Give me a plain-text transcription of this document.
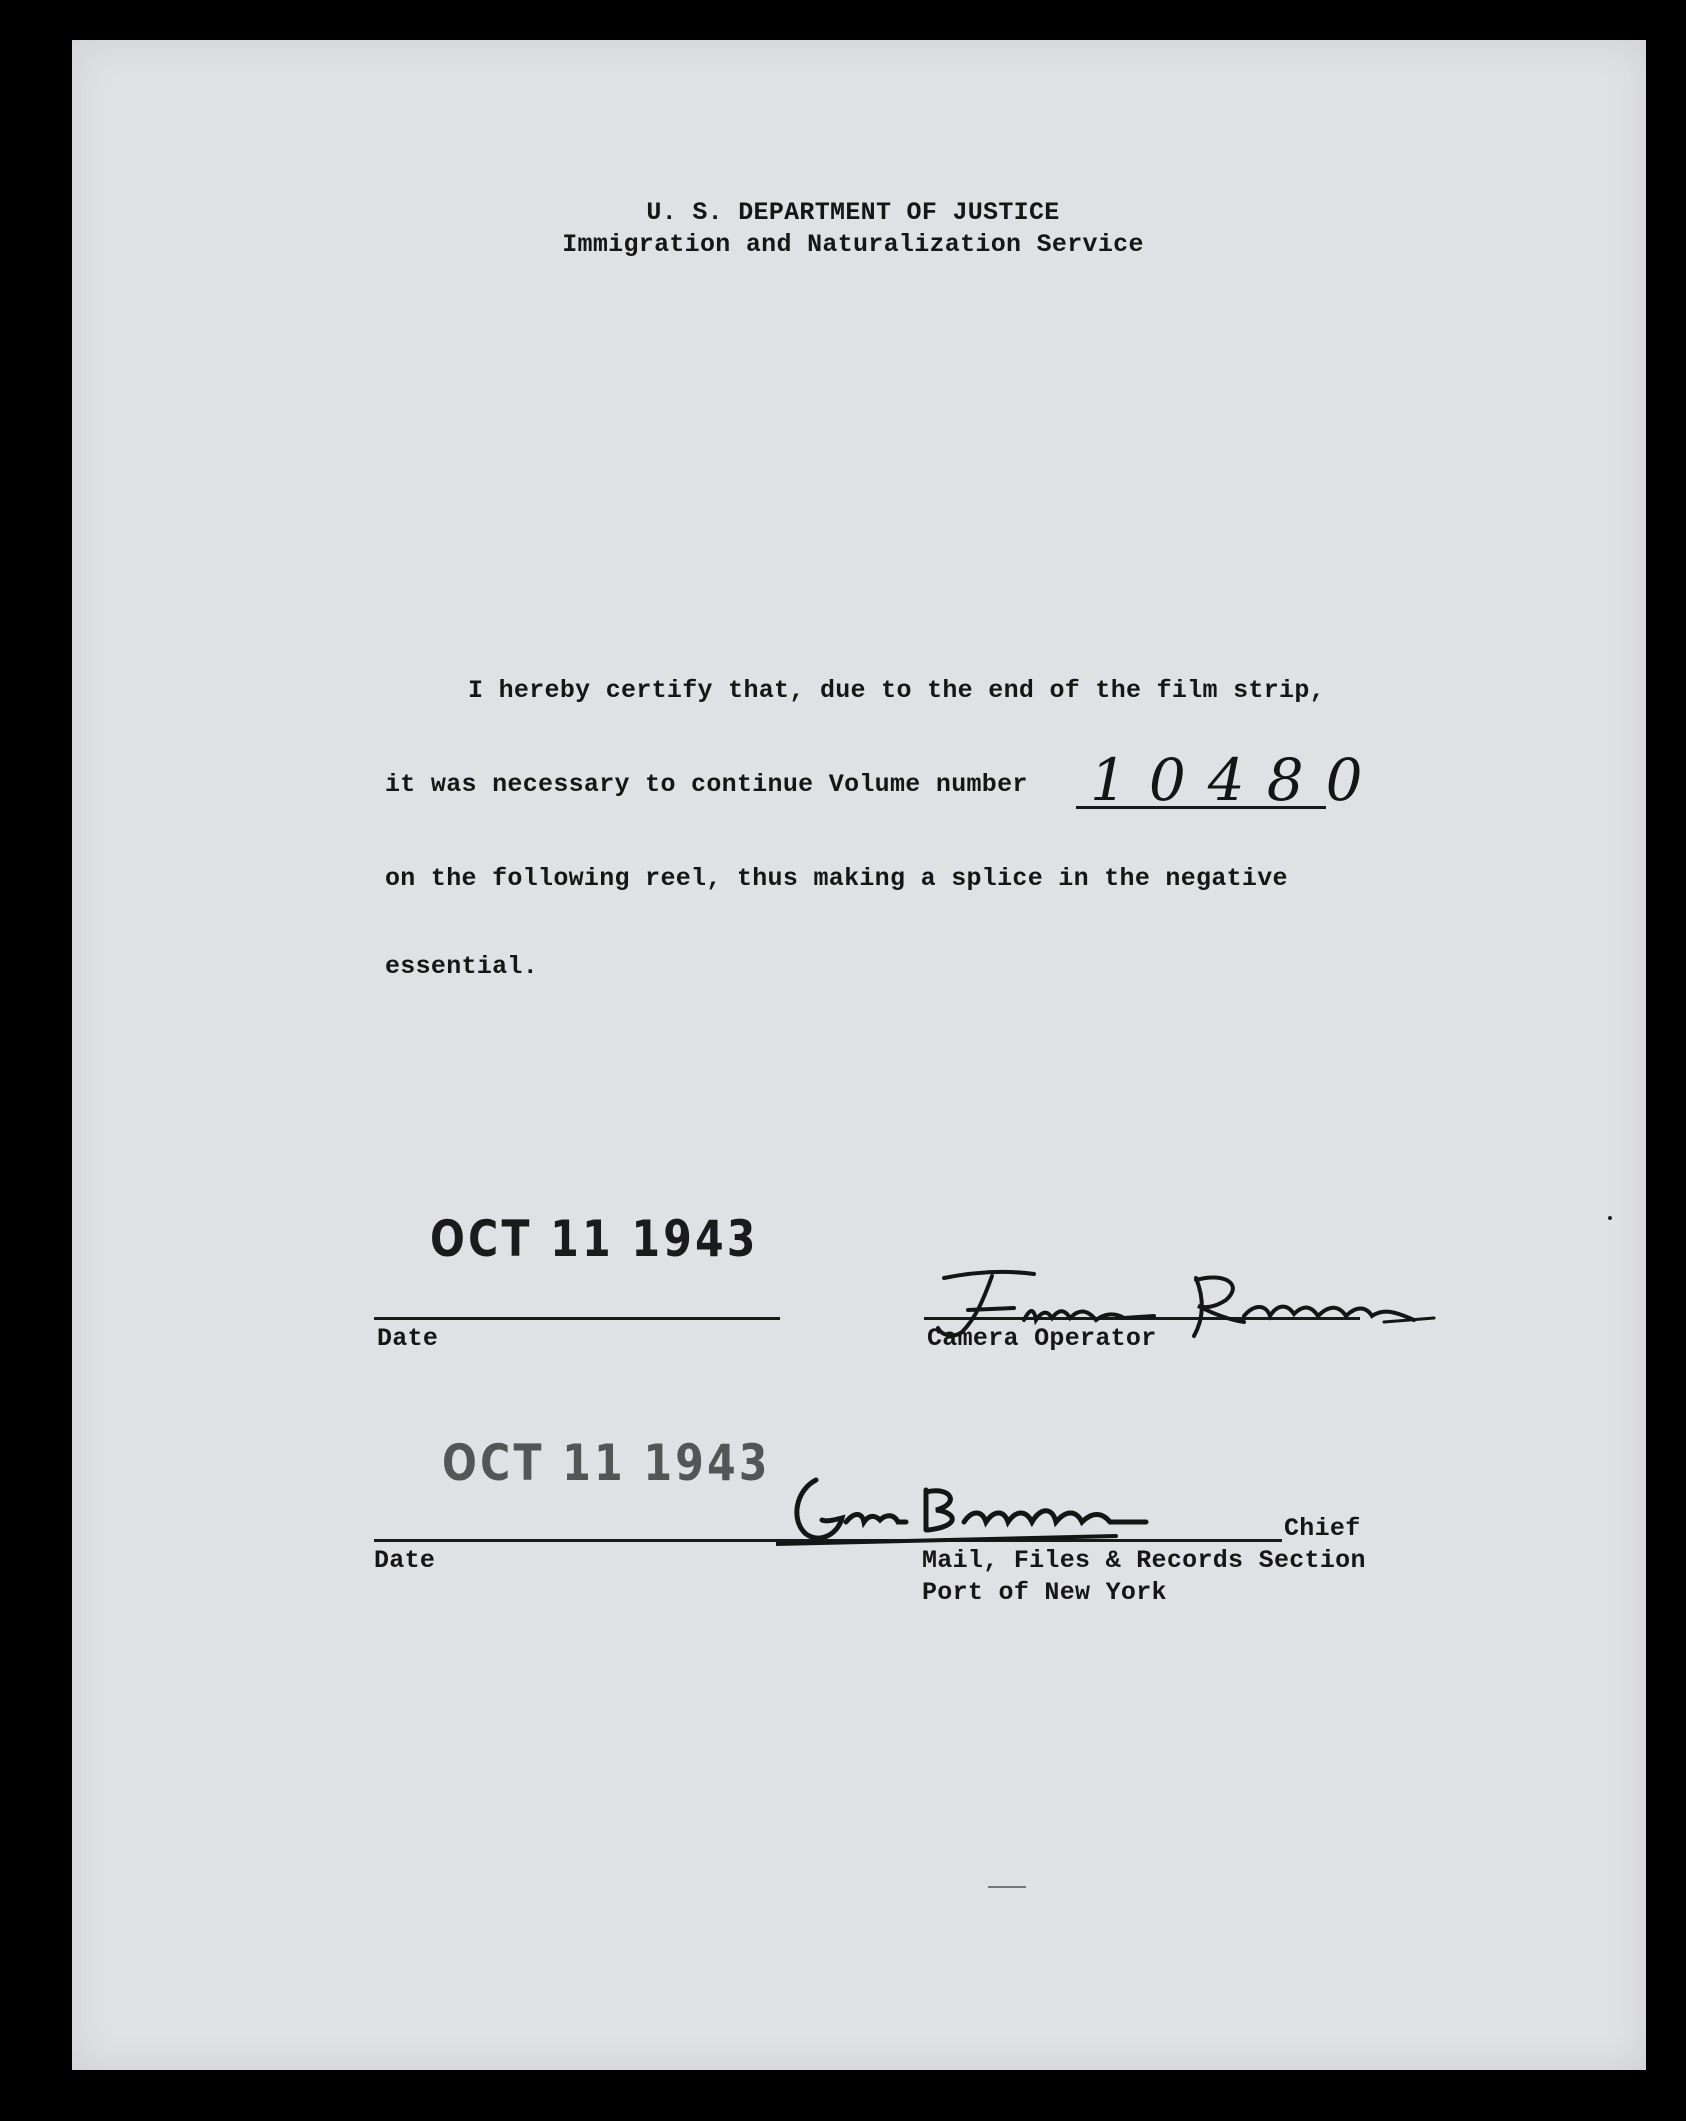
U. S. DEPARTMENT OF JUSTICE
Immigration and Naturalization Service
I hereby certify that, due to the end of the film strip,
it was necessary to continue Volume number 10480
on the following reel, thus making a splice in the negative
essential.
OCT 11 1943
Date	Camera Operator
OCT 11 1943
Date
Chief
Mail, Files & Records Section
Port of New York
